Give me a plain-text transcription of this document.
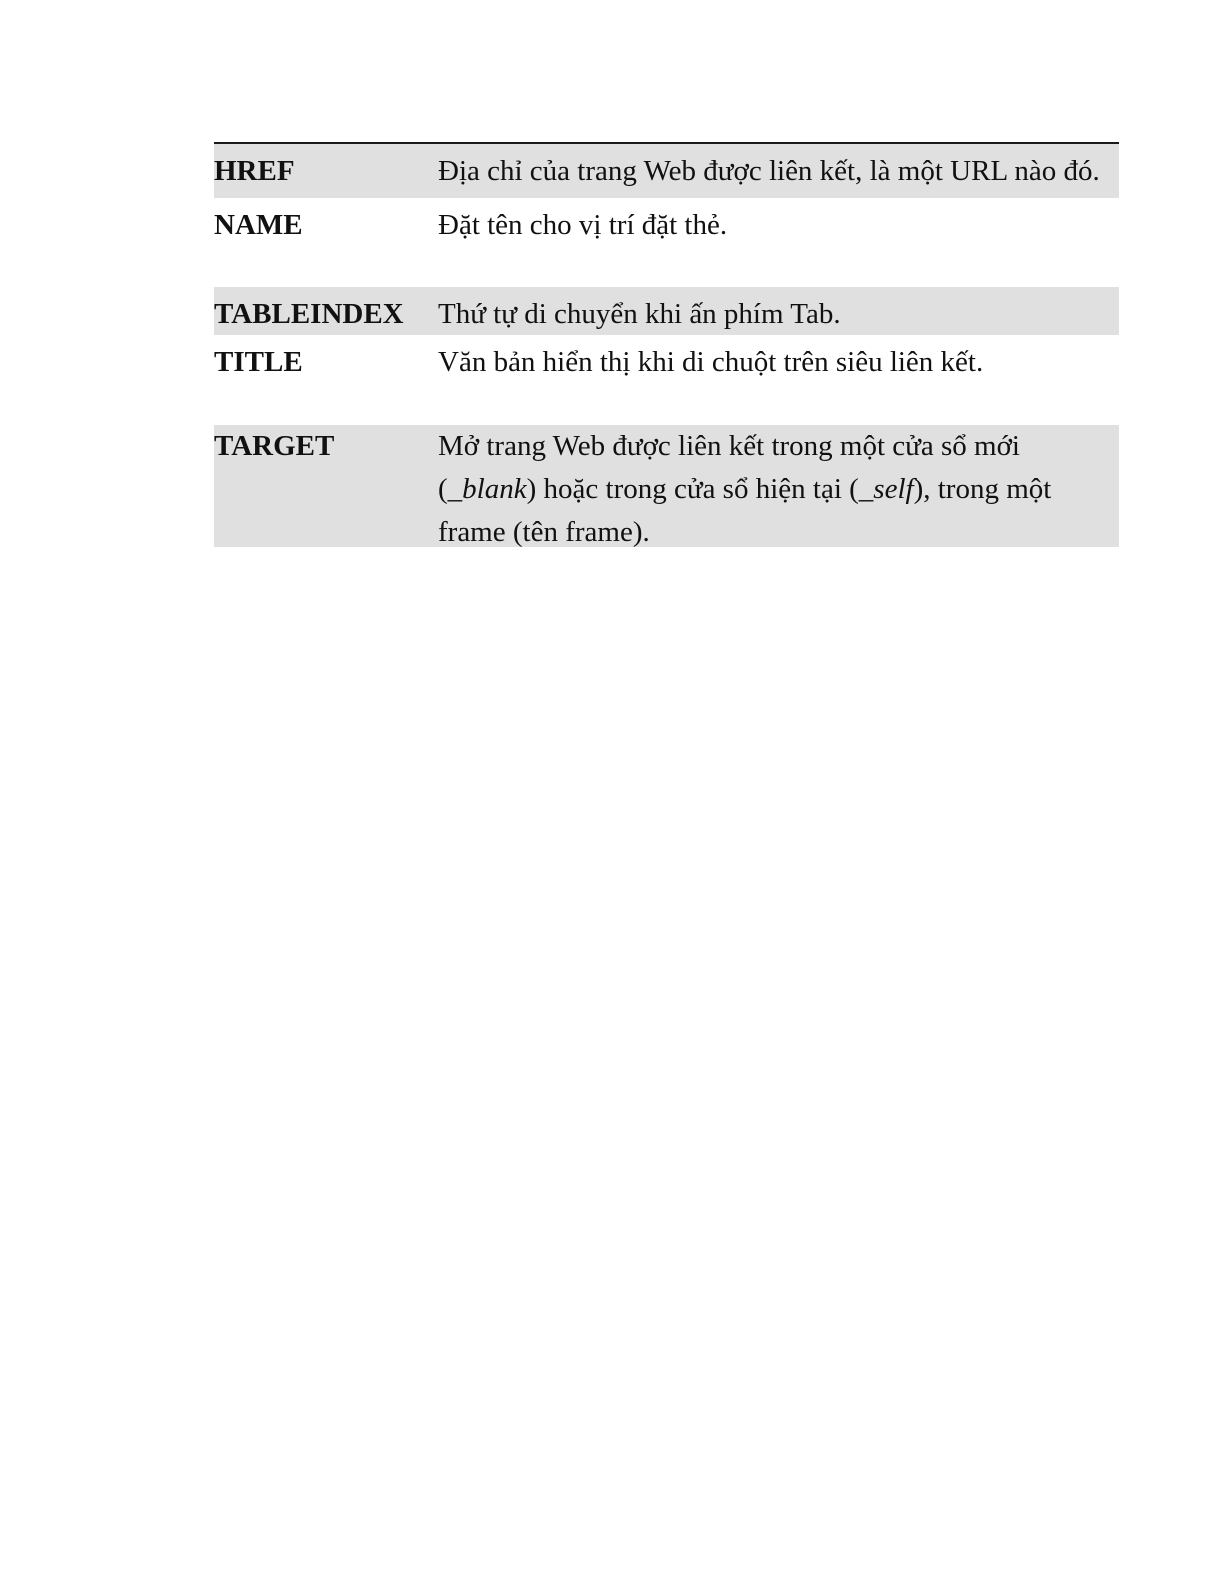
HREF	Địa chỉ của trang Web được liên kết, là một URL nào đó.
NAME	Đặt tên cho vị trí đặt thẻ.
TABLEINDEX	Thứ tự di chuyển khi ấn phím Tab.
TITLE	Văn bản hiển thị khi di chuột trên siêu liên kết.
TARGET	Mở trang Web được liên kết trong một cửa sổ mới (_blank) hoặc trong cửa sổ hiện tại (_self), trong một frame (tên frame).
